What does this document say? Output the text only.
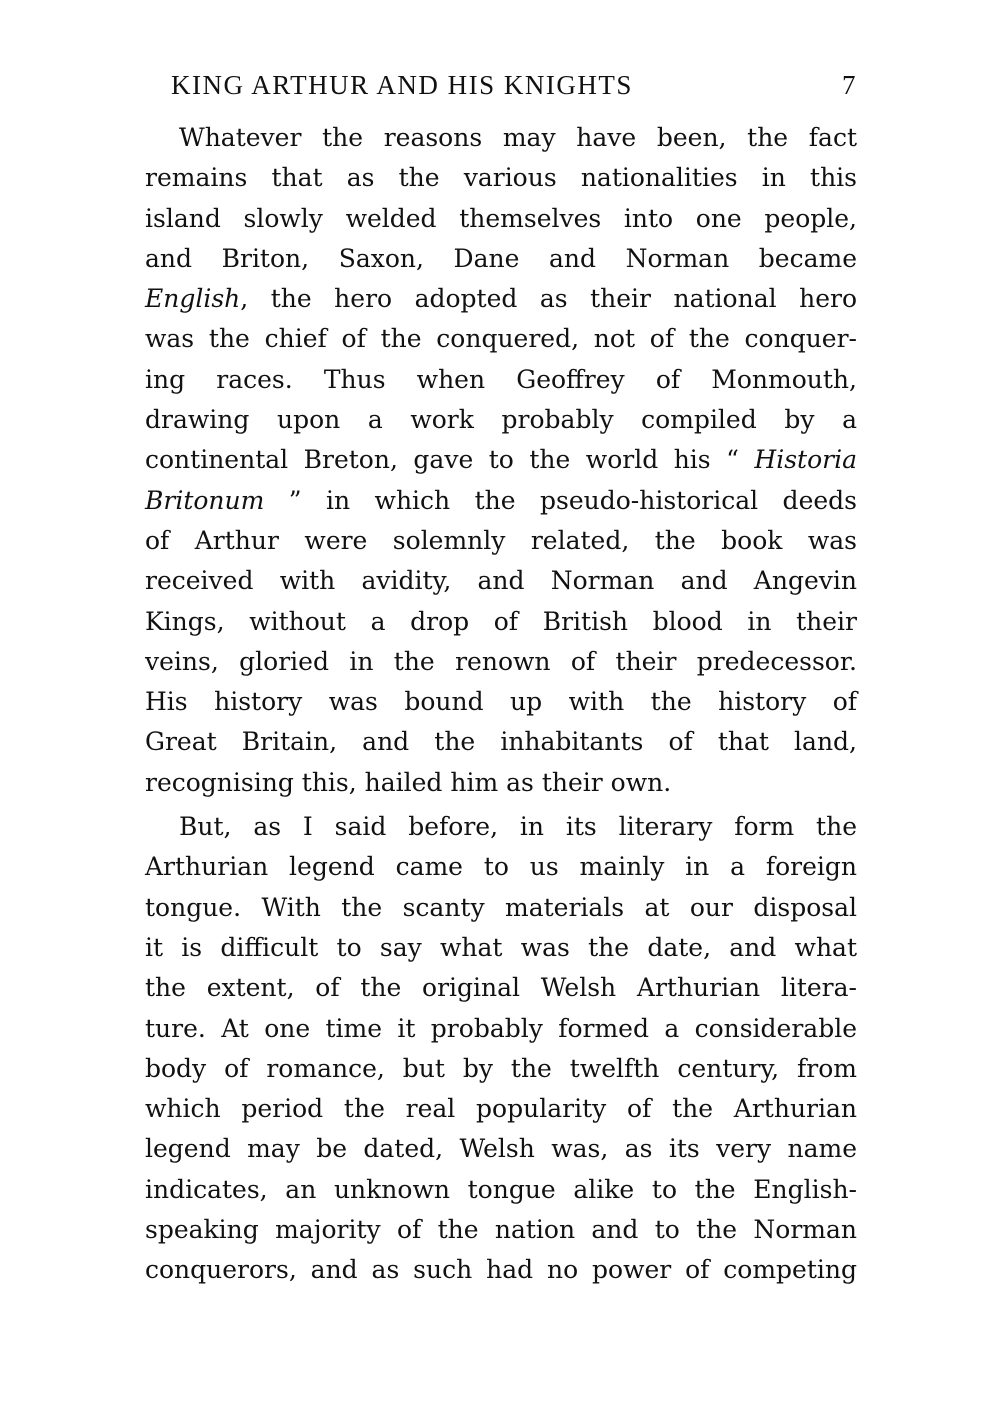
KING ARTHUR AND HIS KNIGHTS	7
Whatever the reasons may have been, the fact
remains that as the various nationalities in this
island slowly welded themselves into one people,
and Briton, Saxon, Dane and Norman became
English, the hero adopted as their national hero
was the chief of the conquered, not of the conquer-
ing races. Thus when Geoffrey of Monmouth,
drawing upon a work probably compiled by a
continental Breton, gave to the world his “ Historia
Britonum ” in which the pseudo-historical deeds
of Arthur were solemnly related, the book was
received with avidity, and Norman and Angevin
Kings, without a drop of British blood in their
veins, gloried in the renown of their predecessor.
His history was bound up with the history of
Great Britain, and the inhabitants of that land,
recognising this, hailed him as their own.
But, as I said before, in its literary form the
Arthurian legend came to us mainly in a foreign
tongue. With the scanty materials at our disposal
it is difficult to say what was the date, and what
the extent, of the original Welsh Arthurian litera-
ture. At one time it probably formed a considerable
body of romance, but by the twelfth century, from
which period the real popularity of the Arthurian
legend may be dated, Welsh was, as its very name
indicates, an unknown tongue alike to the English-
speaking majority of the nation and to the Norman
conquerors, and as such had no power of competing
